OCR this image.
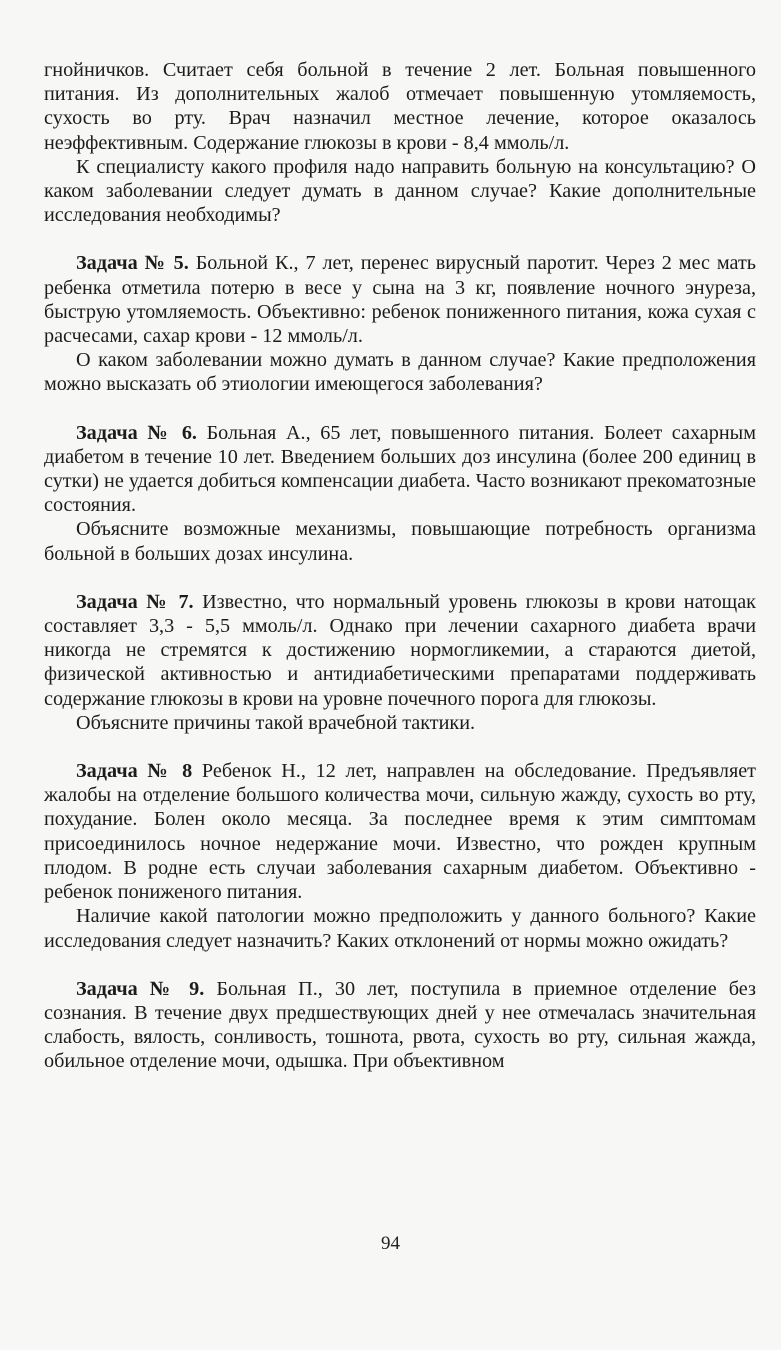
гнойничков. Считает себя больной в течение 2 лет. Больная повышенного питания. Из дополнительных жалоб отмечает повышенную утомляемость, сухость во рту. Врач назначил местное лечение, которое оказалось неэффективным. Содержание глюкозы в крови - 8,4 ммоль/л.

К специалисту какого профиля надо направить больную на консультацию? О каком заболевании следует думать в данном случае? Какие дополнительные исследования необходимы?

Задача № 5. Больной К., 7 лет, перенес вирусный паротит. Через 2 мес мать ребенка отметила потерю в весе у сына на 3 кг, появление ночного энуреза, быструю утомляемость. Объективно: ребенок пониженного питания, кожа сухая с расчесами, сахар крови - 12 ммоль/л.

О каком заболевании можно думать в данном случае? Какие предположения можно высказать об этиологии имеющегося заболевания?

Задача № 6. Больная А., 65 лет, повышенного питания. Болеет сахарным диабетом в течение 10 лет. Введением больших доз инсулина (более 200 единиц в сутки) не удается добиться компенсации диабета. Часто возникают прекоматозные состояния.

Объясните возможные механизмы, повышающие потребность организма больной в больших дозах инсулина.

Задача № 7. Известно, что нормальный уровень глюкозы в крови натощак составляет 3,3 - 5,5 ммоль/л. Однако при лечении сахарного диабета врачи никогда не стремятся к достижению нормогликемии, а стараются диетой, физической активностью и антидиабетическими препаратами поддерживать содержание глюкозы в крови на уровне почечного порога для глюкозы.

Объясните причины такой врачебной тактики.

Задача № 8 Ребенок Н., 12 лет, направлен на обследование. Предъявляет жалобы на отделение большого количества мочи, сильную жажду, сухость во рту, похудание. Болен около месяца. За последнее время к этим симптомам присоединилось ночное недержание мочи. Известно, что рожден крупным плодом. В родне есть случаи заболевания сахарным диабетом. Объективно - ребенок пониженого питания.

Наличие какой патологии можно предположить у данного больного? Какие исследования следует назначить? Каких отклонений от нормы можно ожидать?

Задача № 9. Больная П., 30 лет, поступила в приемное отделение без сознания. В течение двух предшествующих дней у нее отмечалась значительная слабость, вялость, сонливость, тошнота, рвота, сухость во рту, сильная жажда, обильное отделение мочи, одышка. При объективном

94
